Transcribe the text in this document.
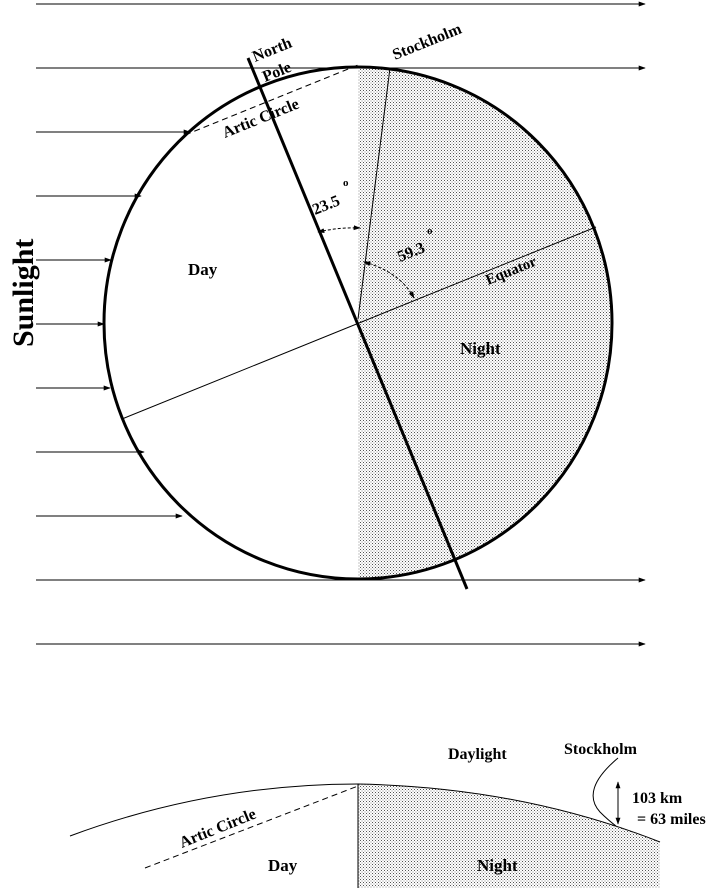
Sunlight
North
Pole
Stockholm
Artic Circle
23.5
o
59.3
o
Equator
Day
Night
Daylight	Stockholm
103 km
= 63 miles
Artic Circle
Day	Night
